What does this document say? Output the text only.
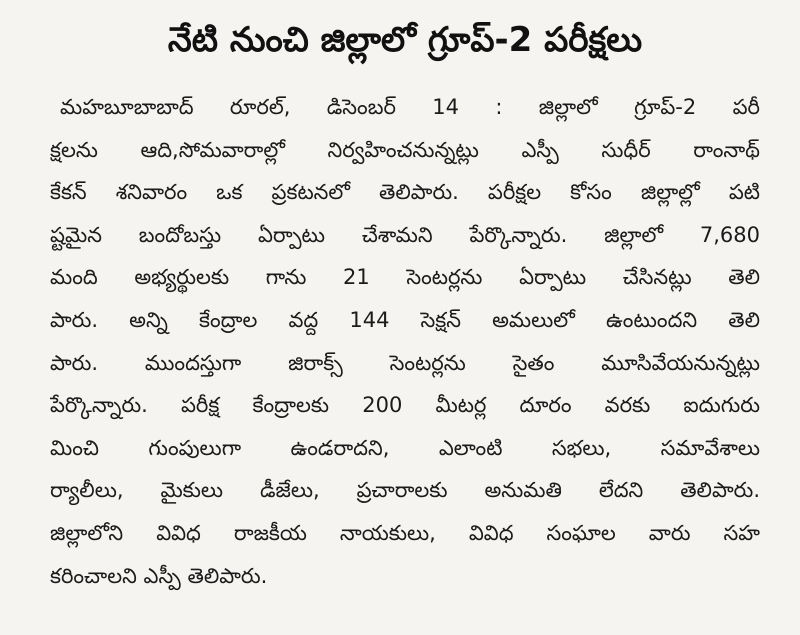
నేటి నుంచి జిల్లాలో గ్రూప్-2 పరీక్షలు
మహబూబాబాద్ రూరల్, డిసెంబర్ 14 : జిల్లాలో గ్రూప్-2 పరీ
క్షలను ఆది,సోమవారాల్లో నిర్వహించనున్నట్లు ఎస్పీ సుధీర్ రాంనాథ్
కేకన్ శనివారం ఒక ప్రకటనలో తెలిపారు. పరీక్షల కోసం జిల్లాల్లో పటి
ష్టమైన బందోబస్తు ఏర్పాటు చేశామని పేర్కొన్నారు. జిల్లాలో 7,680
మంది అభ్యర్థులకు గాను 21 సెంటర్లను ఏర్పాటు చేసినట్లు తెలి
పారు. అన్ని కేంద్రాల వద్ద 144 సెక్షన్ అమలులో ఉంటుందని తెలి
పారు. ముందస్తుగా జిరాక్స్ సెంటర్లను సైతం మూసివేయనున్నట్లు
పేర్కొన్నారు. పరీక్ష కేంద్రాలకు 200 మీటర్ల దూరం వరకు ఐదుగురు
మించి గుంపులుగా ఉండరాదని, ఎలాంటి సభలు, సమావేశాలు
ర్యాలీలు, మైకులు డీజేలు, ప్రచారాలకు అనుమతి లేదని తెలిపారు.
జిల్లాలోని వివిధ రాజకీయ నాయకులు, వివిధ సంఘాల వారు సహ
కరించాలని ఎస్పీ తెలిపారు.
